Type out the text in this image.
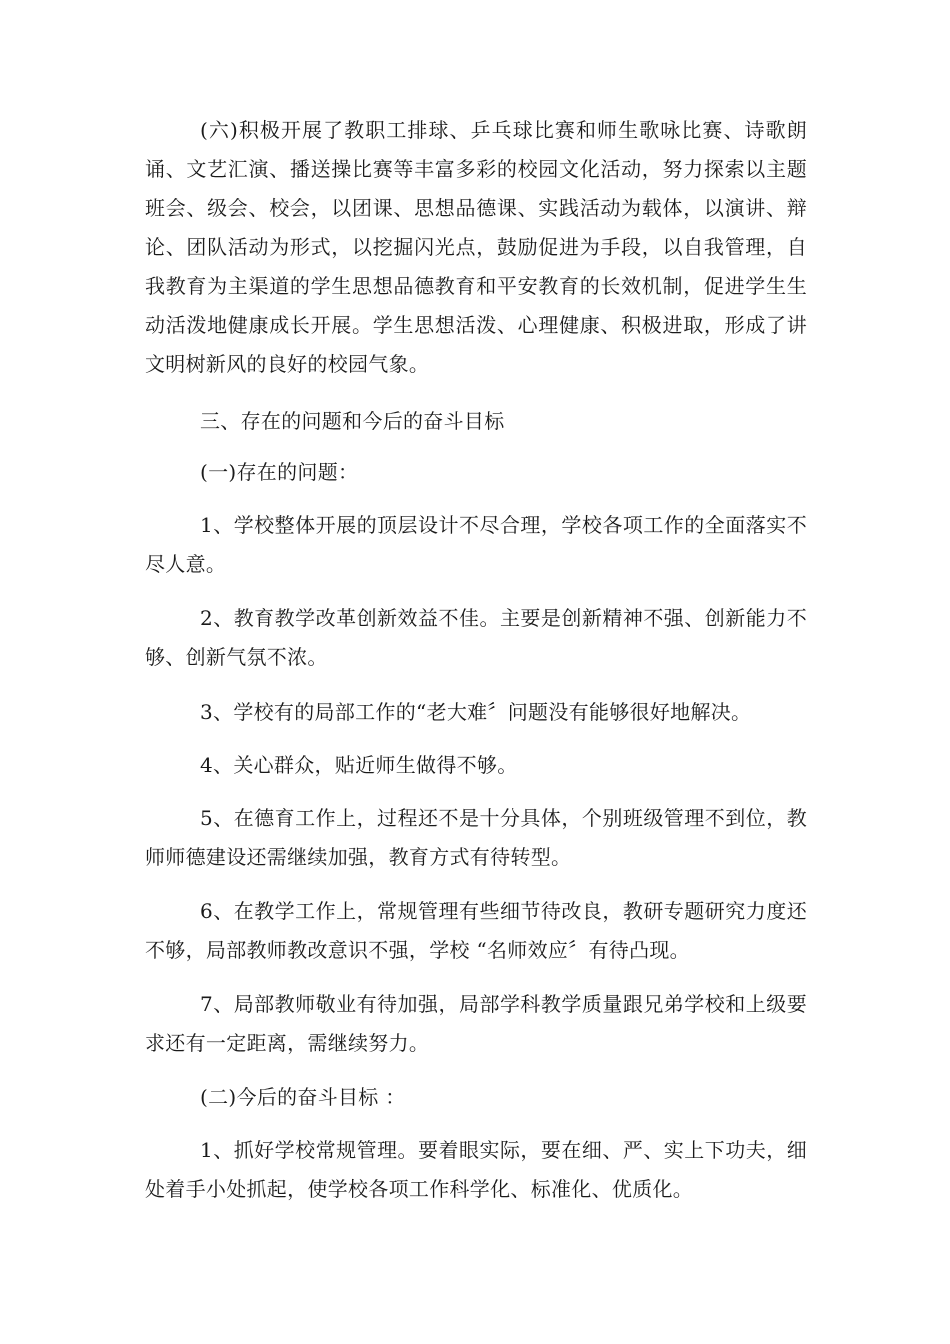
(六)积极开展了教职工排球、乒乓球比赛和师生歌咏比赛、诗歌朗诵、文艺汇演、播送操比赛等丰富多彩的校园文化活动，努力探索以主题班会、级会、校会，以团课、思想品德课、实践活动为载体，以演讲、辩论、团队活动为形式，以挖掘闪光点，鼓励促进为手段，以自我管理，自我教育为主渠道的学生思想品德教育和平安教育的长效机制，促进学生生动活泼地健康成长开展。学生思想活泼、心理健康、积极进取，形成了讲文明树新风的良好的校园气象。

三、存在的问题和今后的奋斗目标

(一)存在的问题：

1、学校整体开展的顶层设计不尽合理，学校各项工作的全面落实不尽人意。

2、教育教学改革创新效益不佳。主要是创新精神不强、创新能力不够、创新气氛不浓。

3、学校有的局部工作的“老大难〞问题没有能够很好地解决。

4、关心群众，贴近师生做得不够。

5、在德育工作上，过程还不是十分具体，个别班级管理不到位，教师师德建设还需继续加强，教育方式有待转型。

6、在教学工作上，常规管理有些细节待改良，教研专题研究力度还不够，局部教师教改意识不强，学校 “名师效应〞有待凸现。

7、局部教师敬业有待加强，局部学科教学质量跟兄弟学校和上级要求还有一定距离，需继续努力。

(二)今后的奋斗目标 ：

1、抓好学校常规管理。要着眼实际，要在细、严、实上下功夫，细处着手小处抓起，使学校各项工作科学化、标准化、优质化。
